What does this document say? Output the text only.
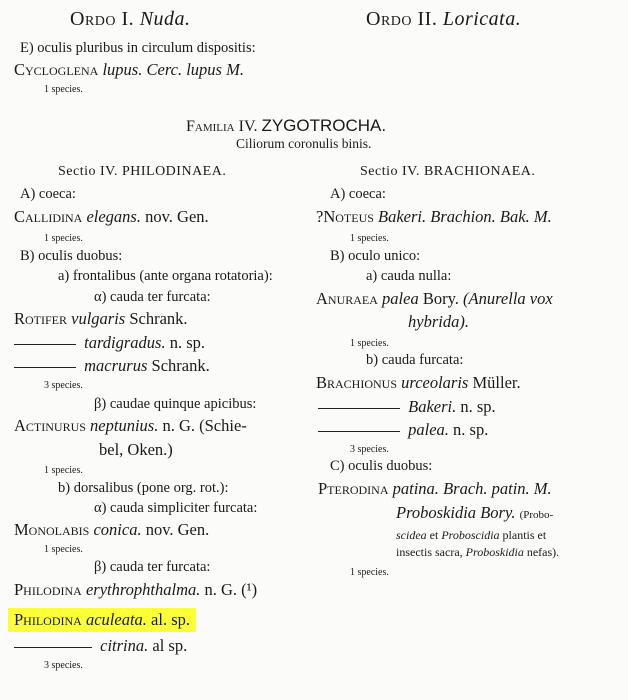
Ordo I. Nuda.	Ordo II. Loricata.
E) oculis pluribus in circulum dispositis:
Cycloglena lupus. Cerc. lupus M.
1 species.
Familia IV. ZYGOTROCHA.
Ciliorum coronulis binis.
Sectio IV. PHILODINAEA.
A) coeca:
Callidina elegans. nov. Gen.
1 species.
B) oculis duobus:
a) frontalibus (ante organa rotatoria):
α) cauda ter furcata:
Rotifer vulgaris Schrank.
tardigradus. n. sp.
macrurus Schrank.
3 species.
β) caudae quinque apicibus:
Actinurus neptunius. n. G. (Schie-
bel, Oken.)
1 species.
b) dorsalibus (pone org. rot.):
α) cauda simpliciter furcata:
Monolabis conica. nov. Gen.
1 species.
β) cauda ter furcata:
Philodina erythrophthalma. n. G. (¹)
Philodina aculeata. al. sp.
citrina. al sp.
3 species.
Sectio IV. BRACHIONAEA.
A) coeca:
?Noteus Bakeri. Brachion. Bak. M.
1 species.
B) oculo unico:
a) cauda nulla:
Anuraea palea Bory. (Anurella vox
hybrida).
1 species.
b) cauda furcata:
Brachionus urceolaris Müller.
Bakeri. n. sp.
palea. n. sp.
3 species.
C) oculis duobus:
Pterodina patina. Brach. patin. M.
Proboskidia Bory. (Probo-
scidea et Proboscidia plantis et
insectis sacra, Proboskidia nefas).
1 species.
